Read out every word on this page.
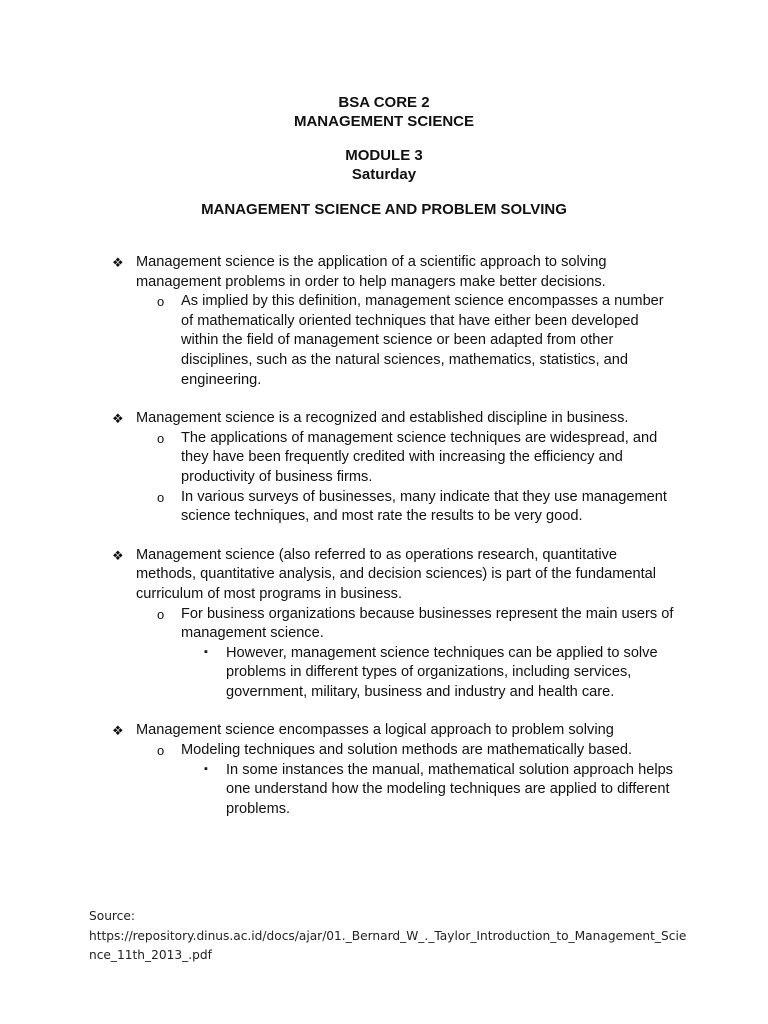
BSA CORE 2
MANAGEMENT SCIENCE
MODULE 3
Saturday
MANAGEMENT SCIENCE AND PROBLEM SOLVING
❖ Management science is the application of a scientific approach to solving management problems in order to help managers make better decisions.
o As implied by this definition, management science encompasses a number of mathematically oriented techniques that have either been developed within the field of management science or been adapted from other disciplines, such as the natural sciences, mathematics, statistics, and engineering.
❖ Management science is a recognized and established discipline in business.
o The applications of management science techniques are widespread, and they have been frequently credited with increasing the efficiency and productivity of business firms.
o In various surveys of businesses, many indicate that they use management science techniques, and most rate the results to be very good.
❖ Management science (also referred to as operations research, quantitative methods, quantitative analysis, and decision sciences) is part of the fundamental curriculum of most programs in business.
o For business organizations because businesses represent the main users of management science.
▪ However, management science techniques can be applied to solve problems in different types of organizations, including services, government, military, business and industry and health care.
❖ Management science encompasses a logical approach to problem solving
o Modeling techniques and solution methods are mathematically based.
▪ In some instances the manual, mathematical solution approach helps one understand how the modeling techniques are applied to different problems.
Source:
https://repository.dinus.ac.id/docs/ajar/01._Bernard_W_._Taylor_Introduction_to_Management_Science_11th_2013_.pdf
